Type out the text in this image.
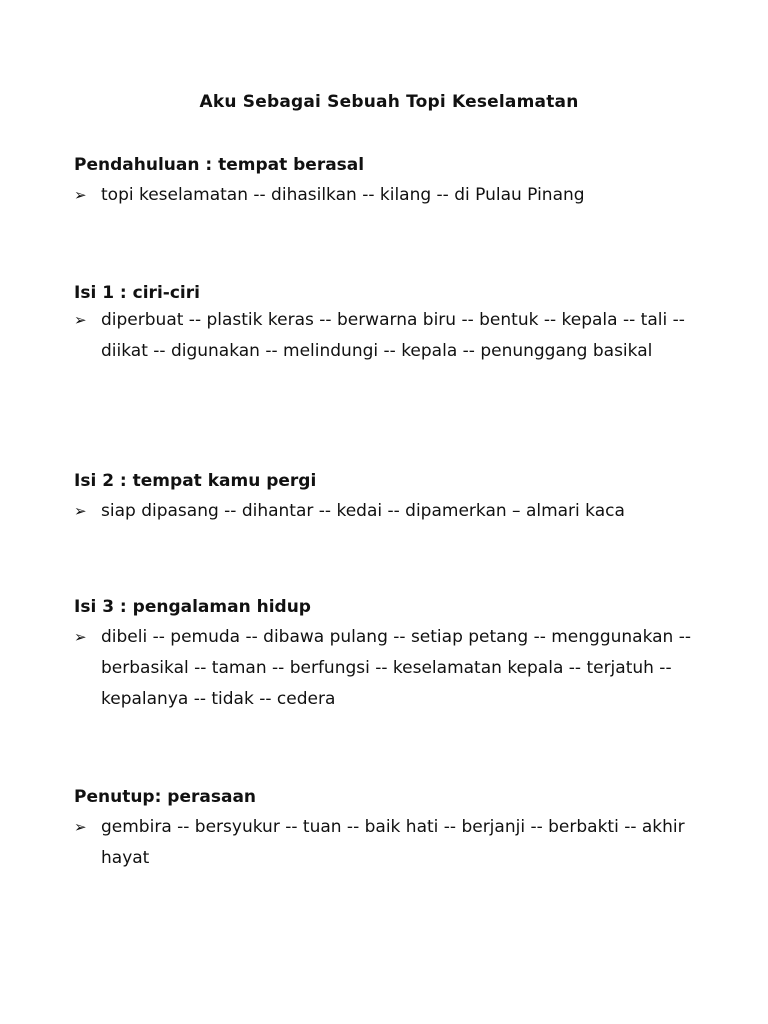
Aku Sebagai Sebuah Topi Keselamatan
Pendahuluan : tempat berasal
➢ topi keselamatan -- dihasilkan -- kilang -- di Pulau Pinang

Isi 1 : ciri-ciri
➢ diperbuat -- plastik keras -- berwarna biru -- bentuk -- kepala -- tali -- diikat -- digunakan -- melindungi -- kepala -- penunggang basikal

Isi 2 : tempat kamu pergi
➢ siap dipasang -- dihantar -- kedai -- dipamerkan – almari kaca

Isi 3 : pengalaman hidup
➢ dibeli -- pemuda -- dibawa pulang -- setiap petang -- menggunakan -- berbasikal -- taman -- berfungsi -- keselamatan kepala -- terjatuh -- kepalanya -- tidak -- cedera

Penutup: perasaan
➢ gembira -- bersyukur -- tuan -- baik hati -- berjanji -- berbakti -- akhir hayat
